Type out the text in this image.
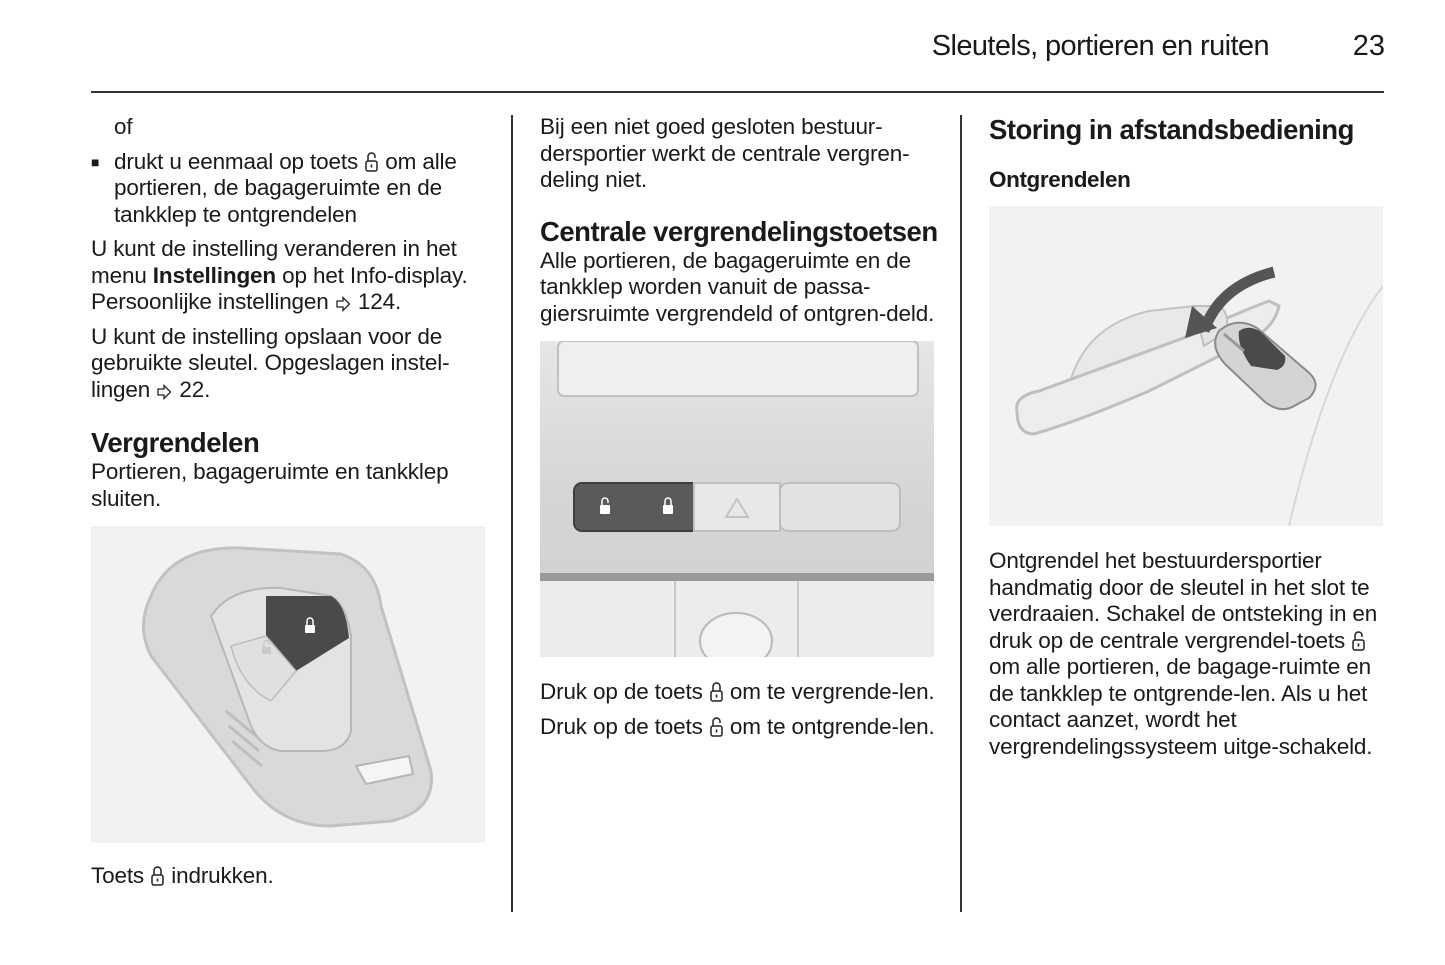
Sleutels, portieren en ruiten	23

of

■ drukt u eenmaal op toets om alle portieren, de bagageruimte en de tankklep te ontgrendelen

U kunt de instelling veranderen in het menu Instellingen op het Info-display. Persoonlijke instellingen 124.

U kunt de instelling opslaan voor de gebruikte sleutel. Opgeslagen instel-lingen 22.

Vergrendelen

Portieren, bagageruimte en tankklep sluiten.

Toets indrukken.

Bij een niet goed gesloten bestuur-dersportier werkt de centrale vergren-deling niet.

Centrale vergrendelingstoetsen

Alle portieren, de bagageruimte en de tankklep worden vanuit de passa-giersruimte vergrendeld of ontgren-deld.

Druk op de toets om te vergrende-len.

Druk op de toets om te ontgrende-len.

Storing in afstandsbediening
Ontgrendelen

Ontgrendel het bestuurdersportier handmatig door de sleutel in het slot te verdraaien. Schakel de ontsteking in en druk op de centrale vergrendel-toets  om alle portieren, de bagage-ruimte en de tankklep te ontgrende-len. Als u het contact aanzet, wordt het vergrendelingssysteem uitge-schakeld.
